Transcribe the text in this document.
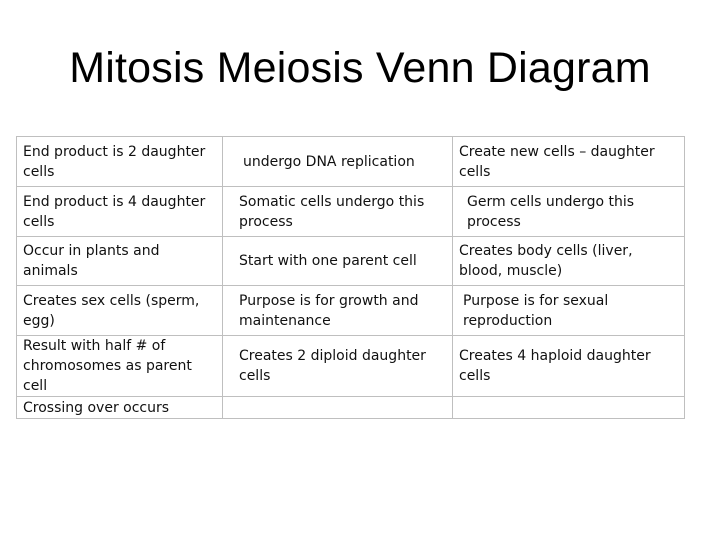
Mitosis Meiosis Venn Diagram
End product is 2 daughter cells	undergo DNA replication	Create new cells – daughter cells
End product is 4 daughter cells	Somatic cells undergo this process	Germ cells undergo this process
Occur in plants and animals	Start with one parent cell	Creates body cells (liver, blood, muscle)
Creates sex cells (sperm, egg)	Purpose is for growth and maintenance	Purpose is for sexual reproduction
Result with half # of chromosomes as parent cell	Creates 2 diploid daughter cells	Creates 4 haploid daughter cells
Crossing over occurs		
